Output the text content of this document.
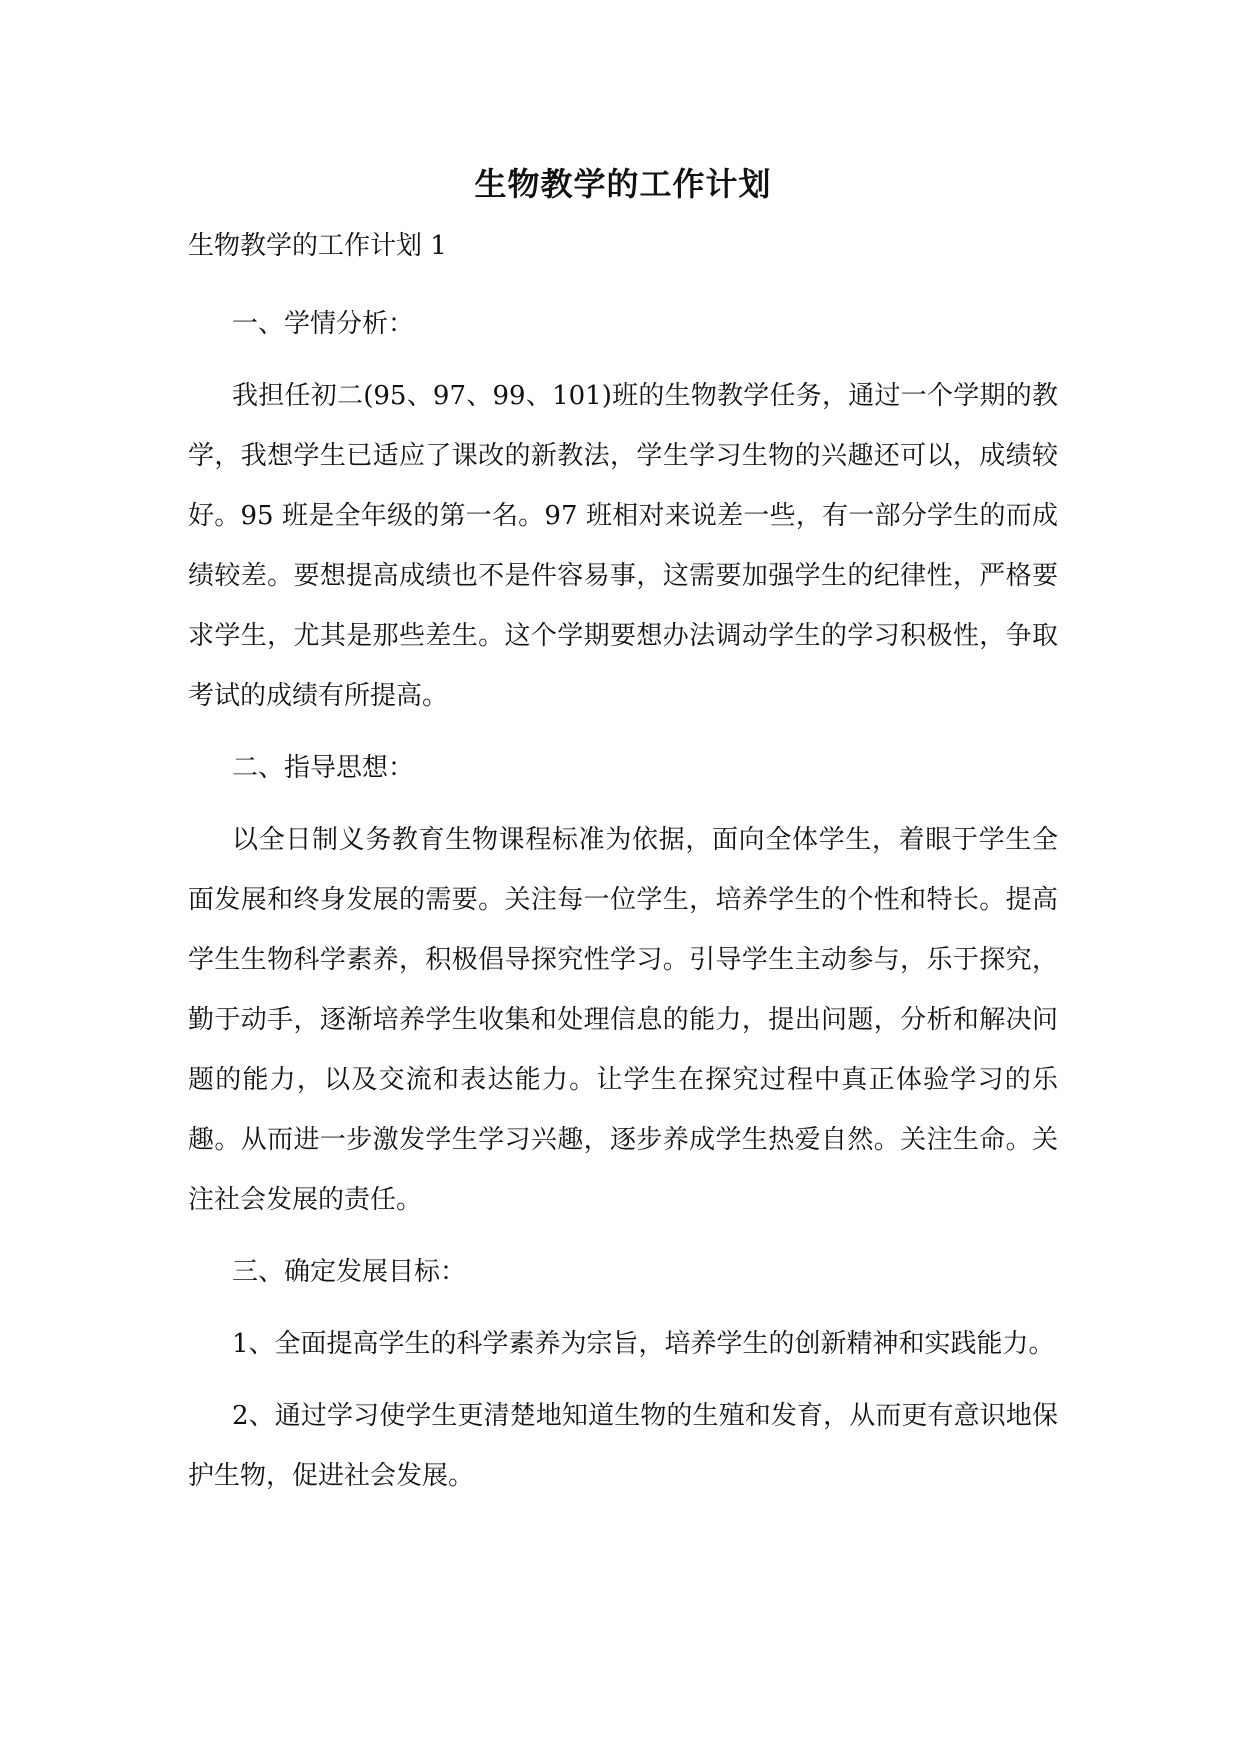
生物教学的工作计划
生物教学的工作计划 1

一、学情分析：

我担任初二(95、97、99、101)班的生物教学任务，通过一个学期的教学，我想学生已适应了课改的新教法，学生学习生物的兴趣还可以，成绩较好。95 班是全年级的第一名。97 班相对来说差一些，有一部分学生的而成绩较差。要想提高成绩也不是件容易事，这需要加强学生的纪律性，严格要求学生，尤其是那些差生。这个学期要想办法调动学生的学习积极性，争取考试的成绩有所提高。

二、指导思想：

以全日制义务教育生物课程标准为依据，面向全体学生，着眼于学生全面发展和终身发展的需要。关注每一位学生，培养学生的个性和特长。提高学生生物科学素养，积极倡导探究性学习。引导学生主动参与，乐于探究，勤于动手，逐渐培养学生收集和处理信息的能力，提出问题，分析和解决问题的能力，以及交流和表达能力。让学生在探究过程中真正体验学习的乐趣。从而进一步激发学生学习兴趣，逐步养成学生热爱自然。关注生命。关注社会发展的责任。

三、确定发展目标：

1、全面提高学生的科学素养为宗旨，培养学生的创新精神和实践能力。

2、通过学习使学生更清楚地知道生物的生殖和发育，从而更有意识地保护生物，促进社会发展。
